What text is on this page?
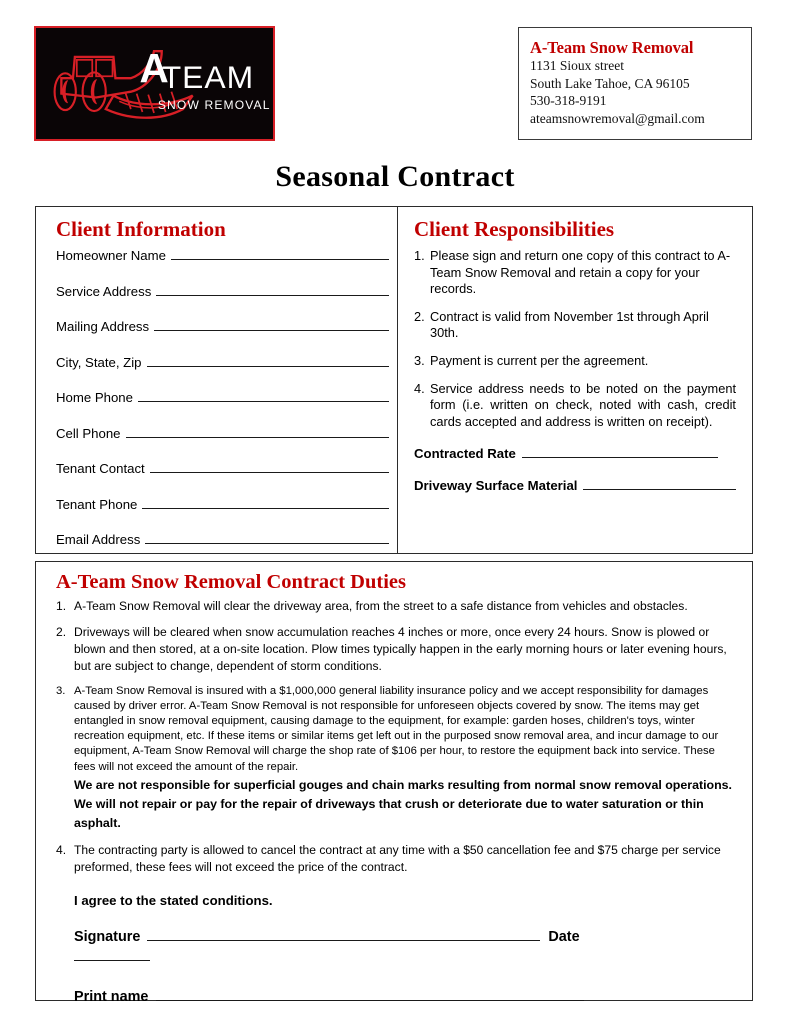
A
TEAM
SNOW REMOVAL
A-Team Snow Removal
1131 Sioux street
South Lake Tahoe, CA 96105
530-318-9191
ateamsnowremoval@gmail.com
Seasonal Contract
Client Information
Homeowner Name
Service Address
Mailing Address
City, State, Zip
Home Phone
Cell Phone
Tenant Contact
Tenant Phone
Email Address
Client Responsibilities
1. Please sign and return one copy of this contract to A-Team Snow Removal and retain a copy for your records.
2. Contract is valid from November 1st through April 30th.
3. Payment is current per the agreement.
4. Service address needs to be noted on the payment form (i.e. written on check, noted with cash, credit cards accepted and address is written on receipt).
Contracted Rate
Driveway Surface Material
A-Team Snow Removal Contract Duties
1. A-Team Snow Removal will clear the driveway area, from the street to a safe distance from vehicles and obstacles.
2. Driveways will be cleared when snow accumulation reaches 4 inches or more, once every 24 hours. Snow is plowed or blown and then stored, at a on-site location. Plow times typically happen in the early morning hours or later evening hours, but are subject to change, dependent of storm conditions.
3. A-Team Snow Removal is insured with a $1,000,000 general liability insurance policy and we accept responsibility for damages caused by driver error. A-Team Snow Removal is not responsible for unforeseen objects covered by snow. The items may get entangled in snow removal equipment, causing damage to the equipment, for example: garden hoses, children's toys, winter recreation equipment, etc. If these items or similar items get left out in the purposed snow removal area, and incur damage to our equipment, A-Team Snow Removal will charge the shop rate of $106 per hour, to restore the equipment back into service. These fees will not exceed the amount of the repair.
We are not responsible for superficial gouges and chain marks resulting from normal snow removal operations. We will not repair or pay for the repair of driveways that crush or deteriorate due to water saturation or thin asphalt.
4. The contracting party is allowed to cancel the contract at any time with a $50 cancellation fee and $75 charge per service preformed, these fees will not exceed the price of the contract.
I agree to the stated conditions.
Signature	Date
Print name
